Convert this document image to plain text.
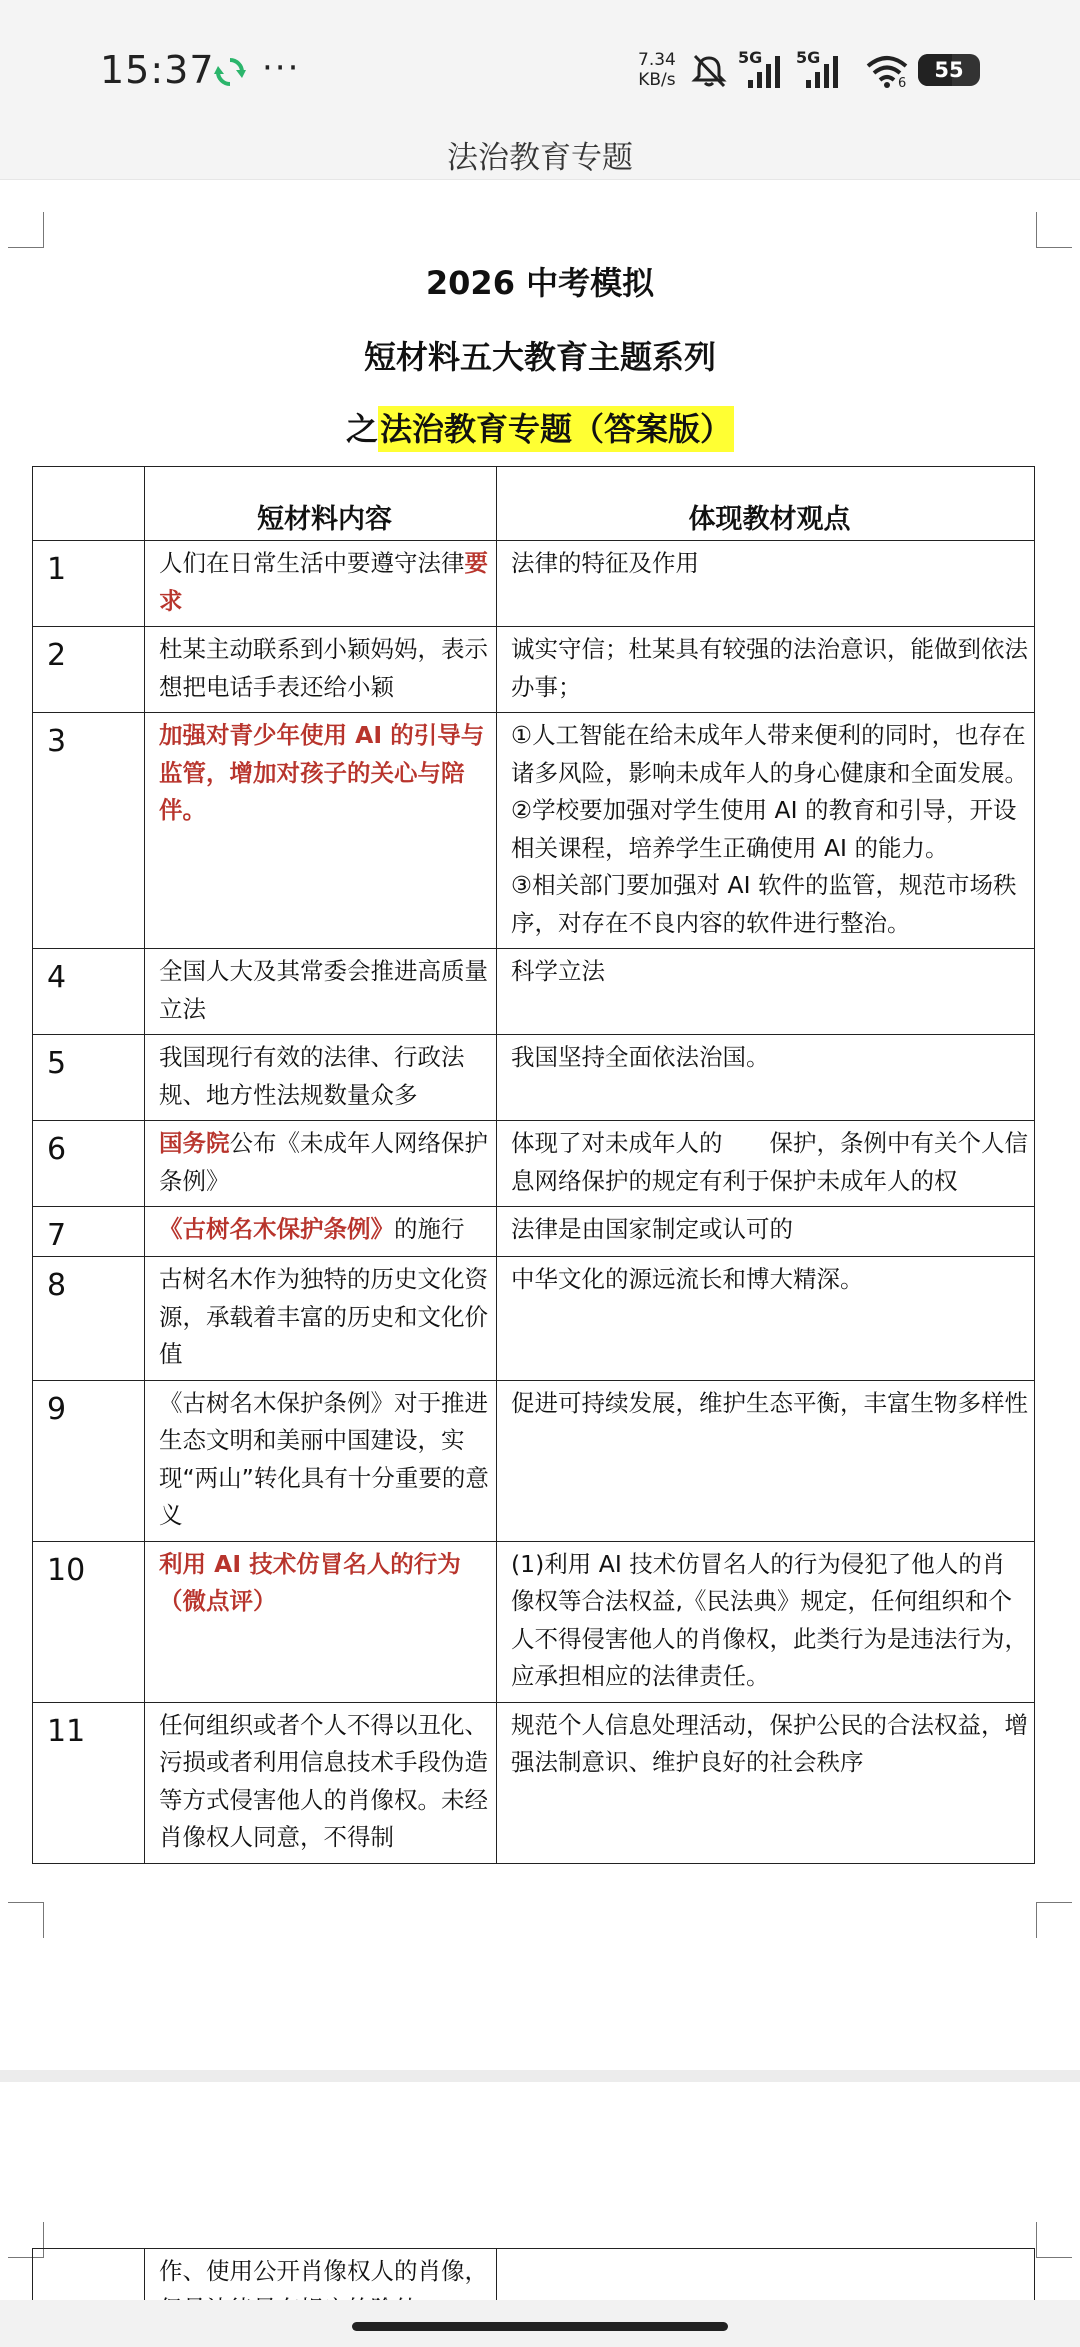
15:37 ···	7.34
KB/s
5G 5G
6
55
法治教育专题
2026 中考模拟
短材料五大教育主题系列
之法治教育专题（答案版）
	短材料内容	体现教材观点
1	人们在日常生活中要遵守法律要求	法律的特征及作用

2	杜某主动联系到小颖妈妈，表示想把电话手表还给小颖	诚实守信；杜某具有较强的法治意识，能做到依法办事；

3	加强对青少年使用 AI 的引导与监管，增加对孩子的关心与陪伴。	①人工智能在给未成年人带来便利的同时，也存在诸多风险，影响未成年人的身心健康和全面发展。
②学校要加强对学生使用 AI 的教育和引导，开设相关课程，培养学生正确使用 AI 的能力。
③相关部门要加强对 AI 软件的监管，规范市场秩序，对存在不良内容的软件进行整治。

4	全国人大及其常委会推进高质量立法	科学立法

5	我国现行有效的法律、行政法规、地方性法规数量众多	我国坚持全面依法治国。

6	国务院公布《未成年人网络保护条例》	体现了对未成年人的　　保护，条例中有关个人信息网络保护的规定有利于保护未成年人的权

7	《古树名木保护条例》的施行	法律是由国家制定或认可的

8	古树名木作为独特的历史文化资源，承载着丰富的历史和文化价值	中华文化的源远流长和博大精深。

9	《古树名木保护条例》对于推进生态文明和美丽中国建设，实现“两山”转化具有十分重要的意义	促进可持续发展，维护生态平衡，丰富生物多样性

10	利用 AI 技术仿冒名人的行为（微点评）	(1)利用 AI 技术仿冒名人的行为侵犯了他人的肖像权等合法权益,《民法典》规定，任何组织和个人不得侵害他人的肖像权，此类行为是违法行为，应承担相应的法律责任。

11	任何组织或者个人不得以丑化、污损或者利用信息技术手段伪造等方式侵害他人的肖像权。未经肖像权人同意，不得制	规范个人信息处理活动，保护公民的合法权益，增强法制意识、维护良好的社会秩序
	作、使用公开肖像权人的肖像，	
